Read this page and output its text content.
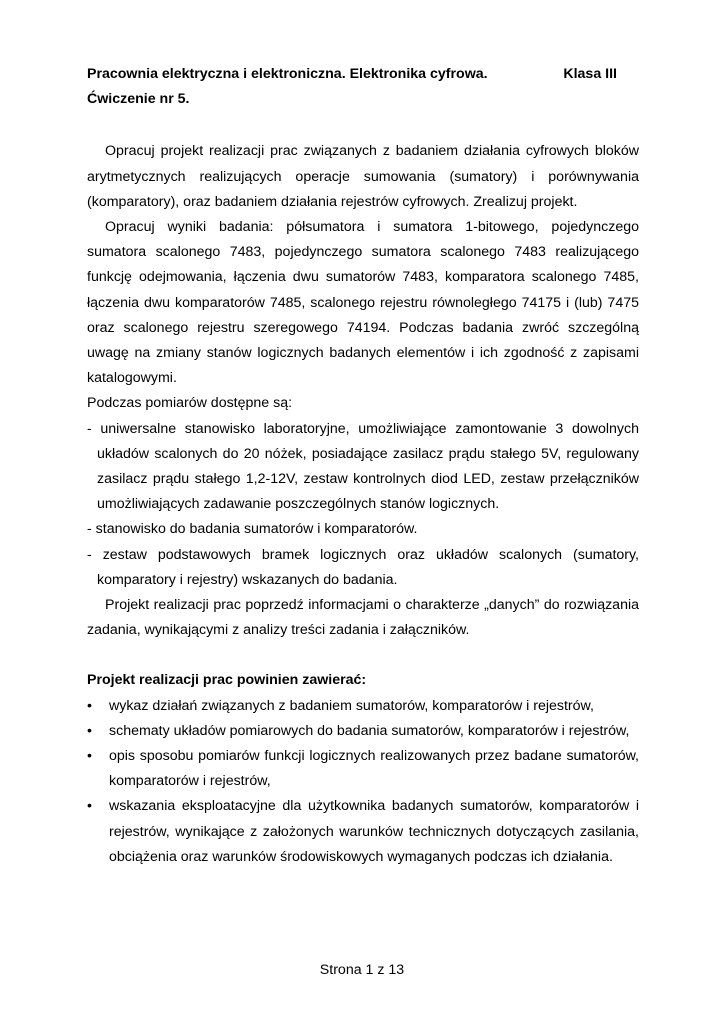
Pracownia elektryczna i elektroniczna. Elektronika cyfrowa.	Klasa III
Ćwiczenie nr 5.

Opracuj projekt realizacji prac związanych z badaniem działania cyfrowych bloków arytmetycznych realizujących operacje sumowania (sumatory) i porównywania (komparatory), oraz badaniem działania rejestrów cyfrowych. Zrealizuj projekt.

Opracuj wyniki badania: półsumatora i sumatora 1-bitowego, pojedynczego sumatora scalonego 7483, pojedynczego sumatora scalonego 7483 realizującego funkcję odejmowania, łączenia dwu sumatorów 7483, komparatora scalonego 7485, łączenia dwu komparatorów 7485, scalonego rejestru równoległego 74175 i (lub) 7475 oraz scalonego rejestru szeregowego 74194. Podczas badania zwróć szczególną uwagę na zmiany stanów logicznych badanych elementów i ich zgodność z zapisami katalogowymi.

Podczas pomiarów dostępne są:

- uniwersalne stanowisko laboratoryjne, umożliwiające zamontowanie 3 dowolnych układów scalonych do 20 nóżek, posiadające zasilacz prądu stałego 5V, regulowany zasilacz prądu stałego 1,2-12V, zestaw kontrolnych diod LED, zestaw przełączników umożliwiających zadawanie poszczególnych stanów logicznych.

- stanowisko do badania sumatorów i komparatorów.

- zestaw podstawowych bramek logicznych oraz układów scalonych (sumatory, komparatory i rejestry) wskazanych do badania.

Projekt realizacji prac poprzedź informacjami o charakterze „danych” do rozwiązania zadania, wynikającymi z analizy treści zadania i załączników.

Projekt realizacji prac powinien zawierać:
• wykaz działań związanych z badaniem sumatorów, komparatorów i rejestrów,
• schematy układów pomiarowych do badania sumatorów, komparatorów i rejestrów,
• opis sposobu pomiarów funkcji logicznych realizowanych przez badane sumatorów, komparatorów i rejestrów,
• wskazania eksploatacyjne dla użytkownika badanych sumatorów, komparatorów i rejestrów, wynikające z założonych warunków technicznych dotyczących zasilania, obciążenia oraz warunków środowiskowych wymaganych podczas ich działania.
Strona 1 z 13
